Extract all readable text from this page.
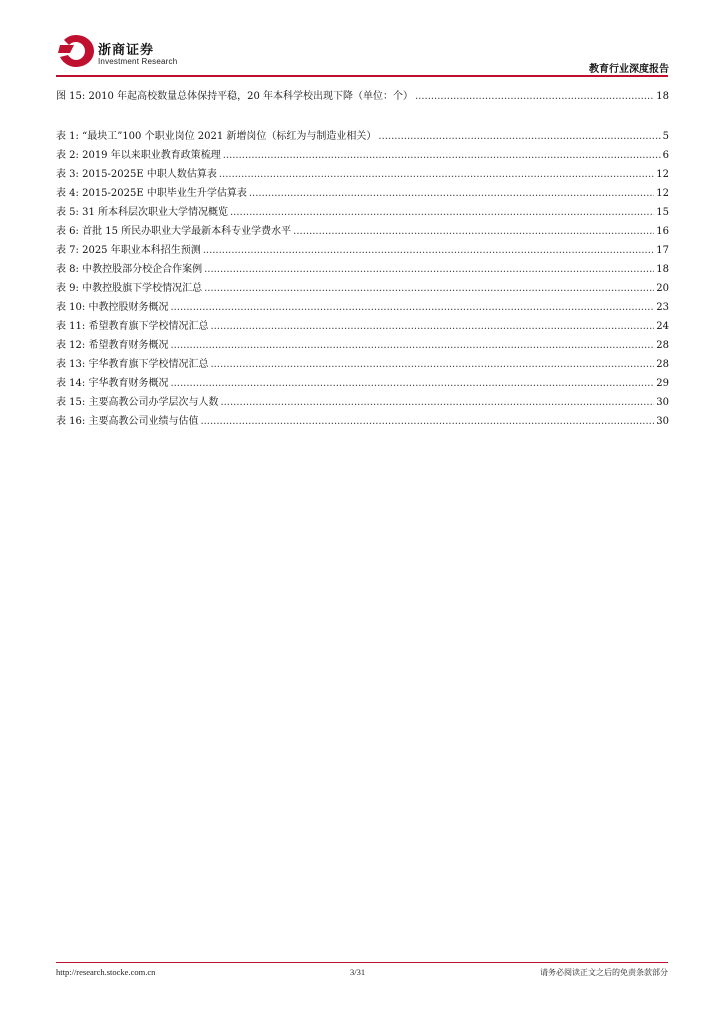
浙商证券
Investment Research
教育行业深度报告
图 15: 2010 年起高校数量总体保持平稳，20 年本科学校出现下降（单位：个） .....	18
表 1: “最块工”100 个职业岗位 2021 新增岗位（标红为与制造业相关） .....	5
表 2: 2019 年以来职业教育政策梳理 .....	6
表 3: 2015-2025E 中职人数估算表 .....	12
表 4: 2015-2025E 中职毕业生升学估算表 .....	12
表 5: 31 所本科层次职业大学情况概览 .....	15
表 6: 首批 15 所民办职业大学最新本科专业学费水平 .....	16
表 7: 2025 年职业本科招生预测 .....	17
表 8: 中教控股部分校企合作案例 .....	18
表 9: 中教控股旗下学校情况汇总 .....	20
表 10: 中教控股财务概况 .....	23
表 11: 希望教育旗下学校情况汇总 .....	24
表 12: 希望教育财务概况 .....	28
表 13: 宇华教育旗下学校情况汇总 .....	28
表 14: 宇华教育财务概况 .....	29
表 15: 主要高教公司办学层次与人数 .....	30
表 16: 主要高教公司业绩与估值 .....	30
http://research.stocke.com.cn	3/31	请务必阅读正文之后的免责条款部分
